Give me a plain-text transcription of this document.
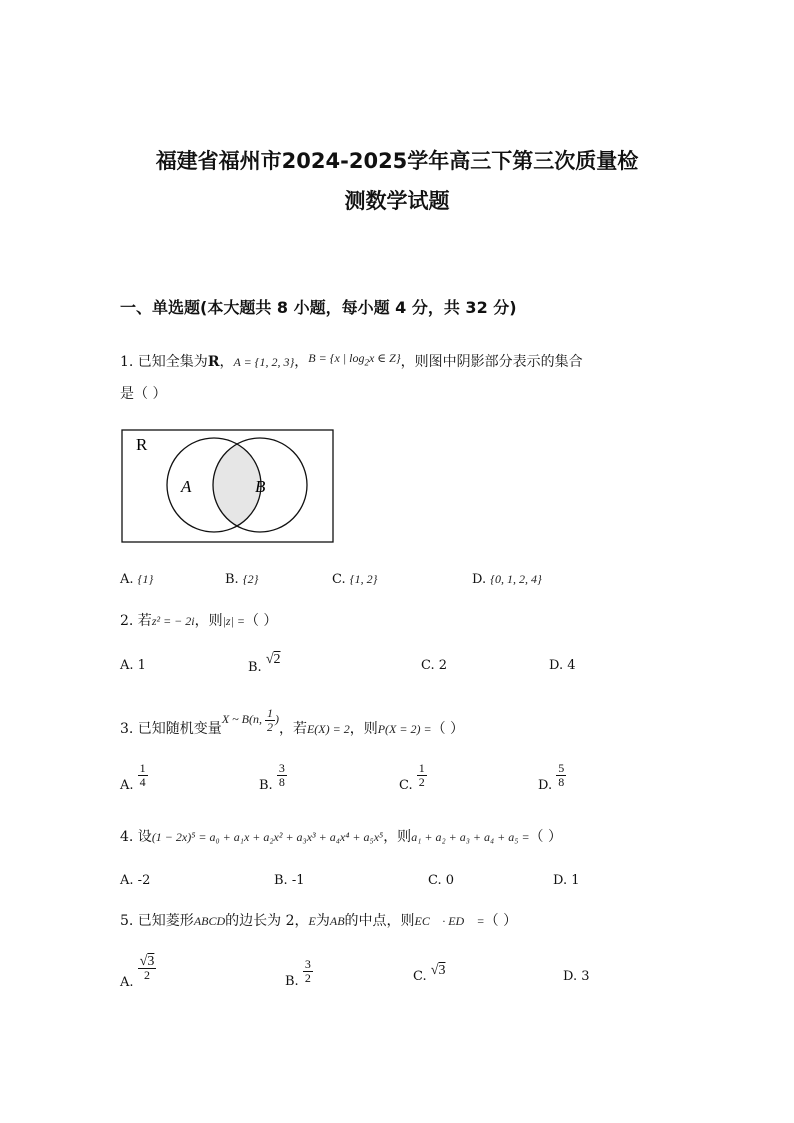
福建省福州市2024-2025学年高三下第三次质量检
测数学试题
一、单选题(本大题共 8 小题，每小题 4 分，共 32 分)
1. 已知全集为R，A = {1, 2, 3}，B = {x | $\log_2x$ ∈ Z}，则图中阴影部分表示的集合
是（ ）
R
A	B
A. {1}	B. {2}	C. {1, 2}	D. {0, 1, 2, 4}
2. 若z² = − 2i，则|z| =（ ）
A. 1	B. √2	C. 2	D. 4
3. 已知随机变量X ~ B(n, $\frac{1}{2}$ )，若E(X) = 2，则P(X = 2) =（ ）
A. $\frac{1}{4}$	B. $\frac{3}{8}$	C. $\frac{1}{2}$	D. $\frac{5}{8}$
4. 设(1 − 2x)⁵ = a₀ + a₁x + a₂x² + a₃x³ + a₄x⁴ + a₅x⁵，则a₁ + a₂ + a₃ + a₄ + a₅ =（ ）
A. -2	B. -1	C. 0	D. 1
5. 已知菱形ABCD的边长为 2，E为AB的中点，则EC⃗ · ED⃗ =（ ）
A.
$\frac{√3}{2}$	B. $\frac{3}{2}$	C. √3	D. 3
